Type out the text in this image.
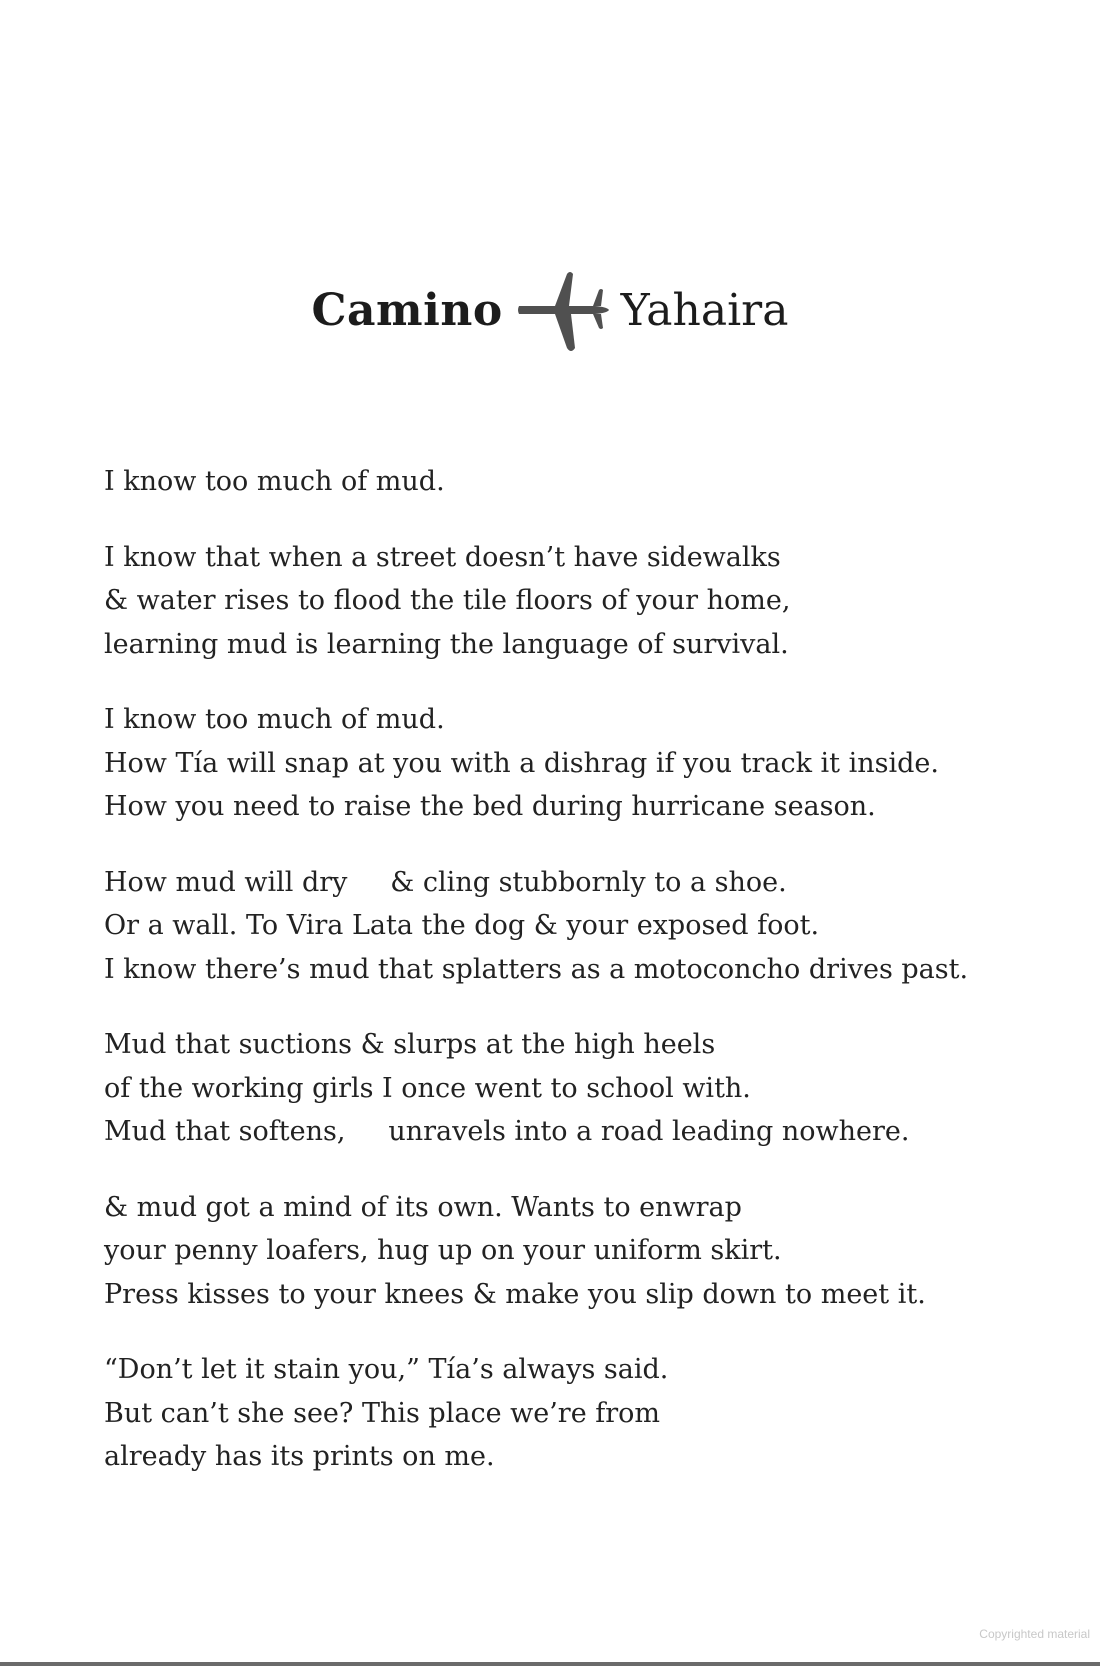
Camino	Yahaira
I know too much of mud.
I know that when a street doesn’t have sidewalks
& water rises to flood the tile floors of your home,
learning mud is learning the language of survival.
I know too much of mud.
How Tía will snap at you with a dishrag if you track it inside.
How you need to raise the bed during hurricane season.
How mud will dry     & cling stubbornly to a shoe.
Or a wall. To Vira Lata the dog & your exposed foot.
I know there’s mud that splatters as a motoconcho drives past.
Mud that suctions & slurps at the high heels
of the working girls I once went to school with.
Mud that softens,     unravels into a road leading nowhere.
& mud got a mind of its own. Wants to enwrap
your penny loafers, hug up on your uniform skirt.
Press kisses to your knees & make you slip down to meet it.
“Don’t let it stain you,” Tía’s always said.
But can’t she see? This place we’re from
already has its prints on me.
Copyrighted material
